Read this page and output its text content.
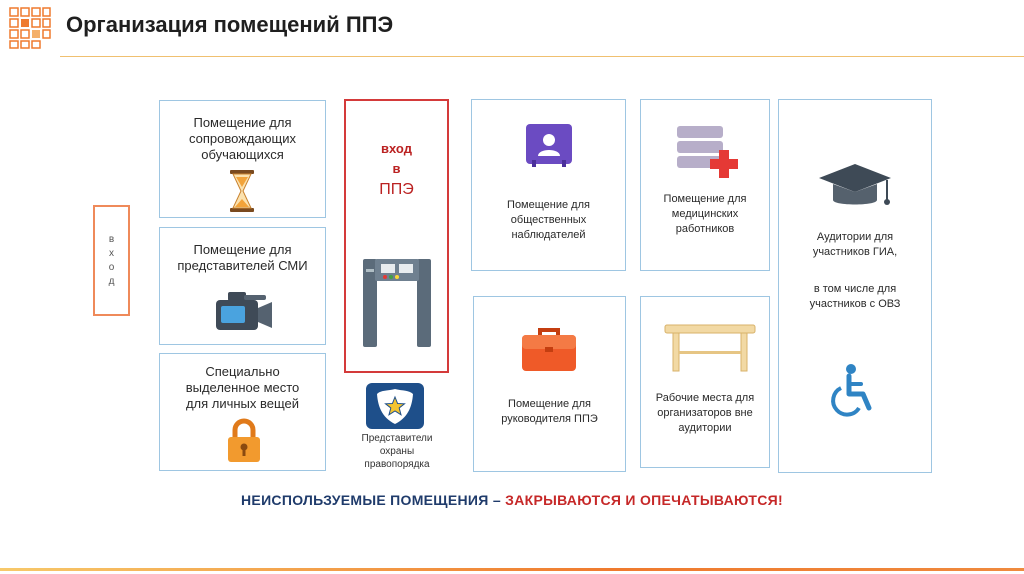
Организация помещений ППЭ
в
х
о
д
Помещение для сопровождающих обучающихся
Помещение для представителей СМИ
Специально выделенное место для личных вещей
вход
в
ППЭ
Представители охраны правопорядка
Помещение для общественных наблюдателей
Помещение для медицинских работников
Помещение для руководителя ППЭ
Рабочие места для организаторов вне аудитории
Аудитории для участников ГИА,
в том числе для участников с ОВЗ
НЕИСПОЛЬЗУЕМЫЕ ПОМЕЩЕНИЯ – ЗАКРЫВАЮТСЯ И ОПЕЧАТЫВАЮТСЯ!
